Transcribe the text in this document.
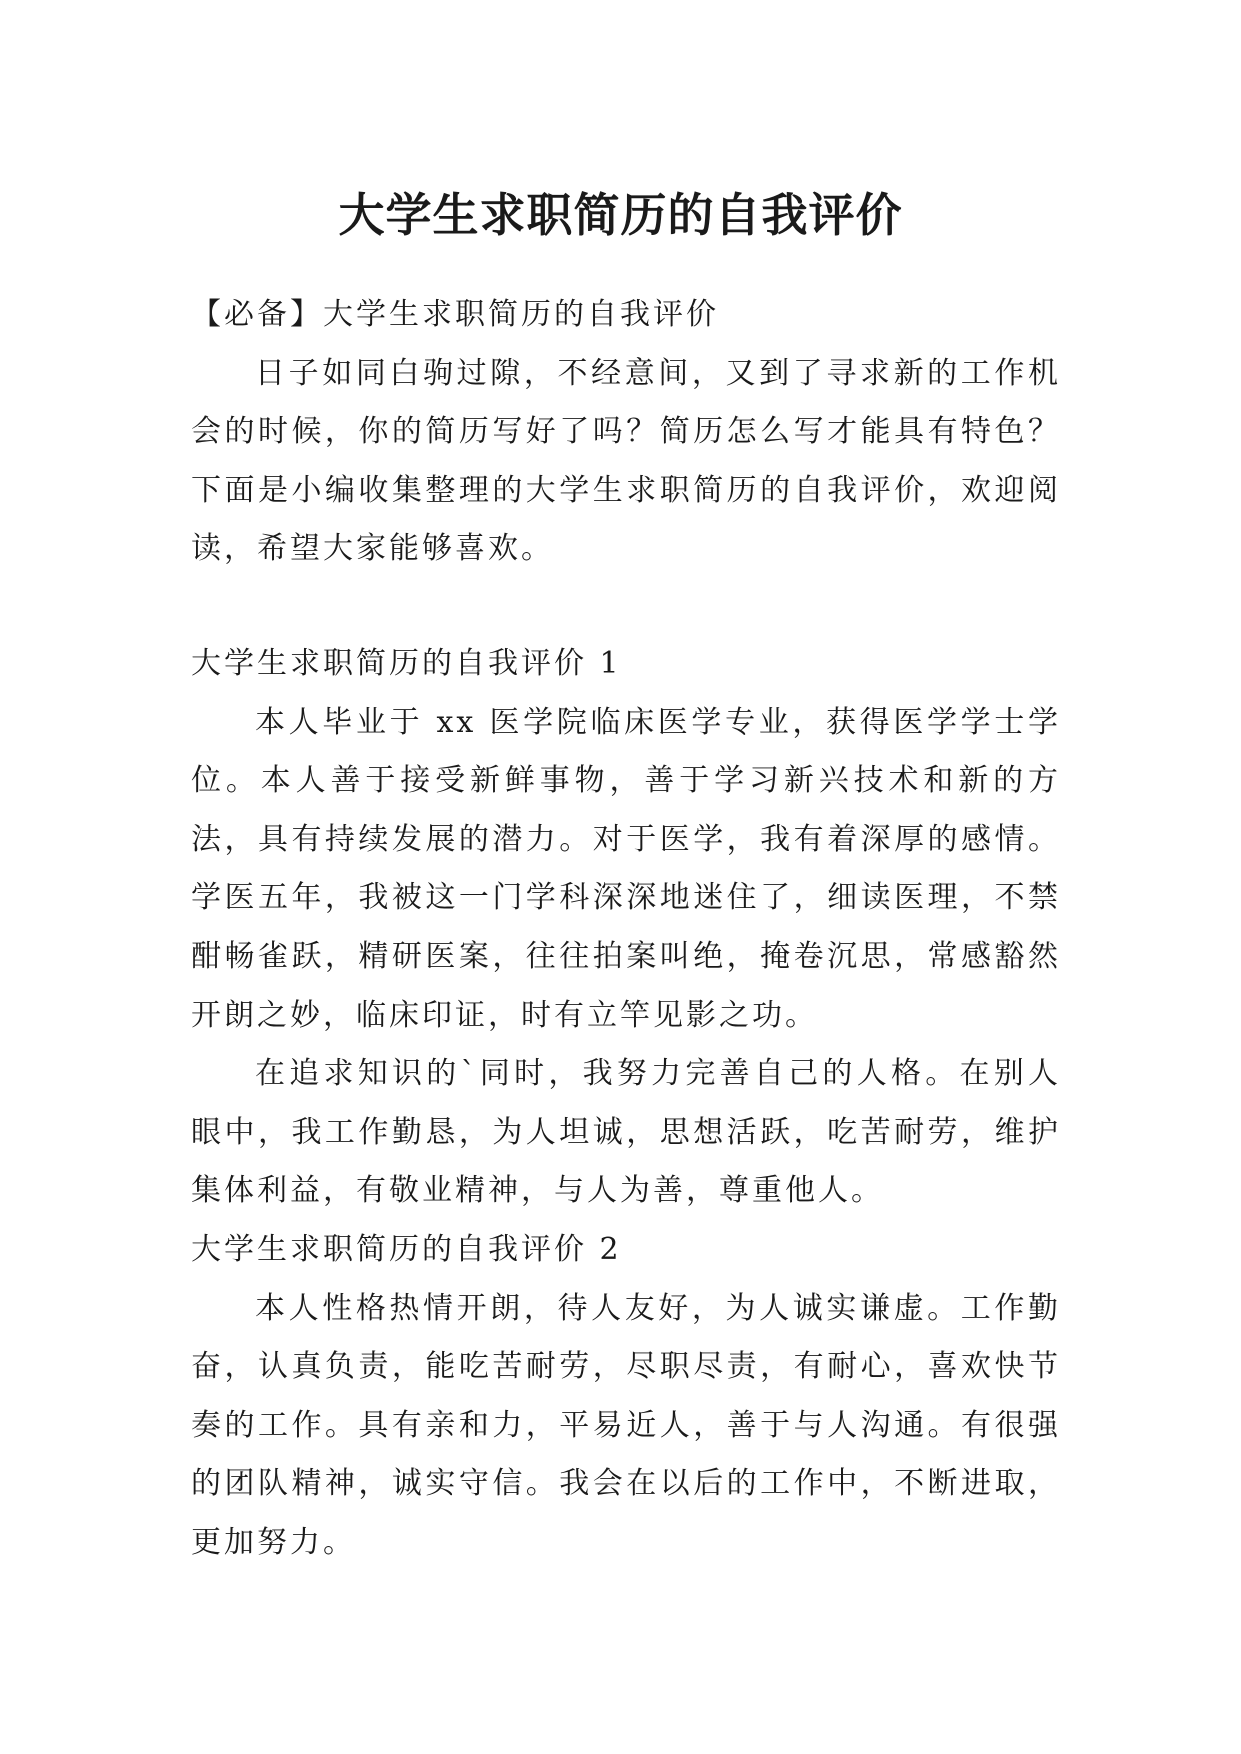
大学生求职简历的自我评价

【必备】大学生求职简历的自我评价

日子如同白驹过隙，不经意间，又到了寻求新的工作机会的时候，你的简历写好了吗？简历怎么写才能具有特色？下面是小编收集整理的大学生求职简历的自我评价，欢迎阅读，希望大家能够喜欢。

大学生求职简历的自我评价 1

本人毕业于 xx 医学院临床医学专业，获得医学学士学位。本人善于接受新鲜事物，善于学习新兴技术和新的方法，具有持续发展的潜力。对于医学，我有着深厚的感情。学医五年，我被这一门学科深深地迷住了，细读医理，不禁酣畅雀跃，精研医案，往往拍案叫绝，掩卷沉思，常感豁然开朗之妙，临床印证，时有立竿见影之功。

在追求知识的`同时，我努力完善自己的人格。在别人眼中，我工作勤恳，为人坦诚，思想活跃，吃苦耐劳，维护集体利益，有敬业精神，与人为善，尊重他人。

大学生求职简历的自我评价 2

本人性格热情开朗，待人友好，为人诚实谦虚。工作勤奋，认真负责，能吃苦耐劳，尽职尽责，有耐心，喜欢快节奏的工作。具有亲和力，平易近人，善于与人沟通。有很强的团队精神，诚实守信。我会在以后的工作中，不断进取，更加努力。
